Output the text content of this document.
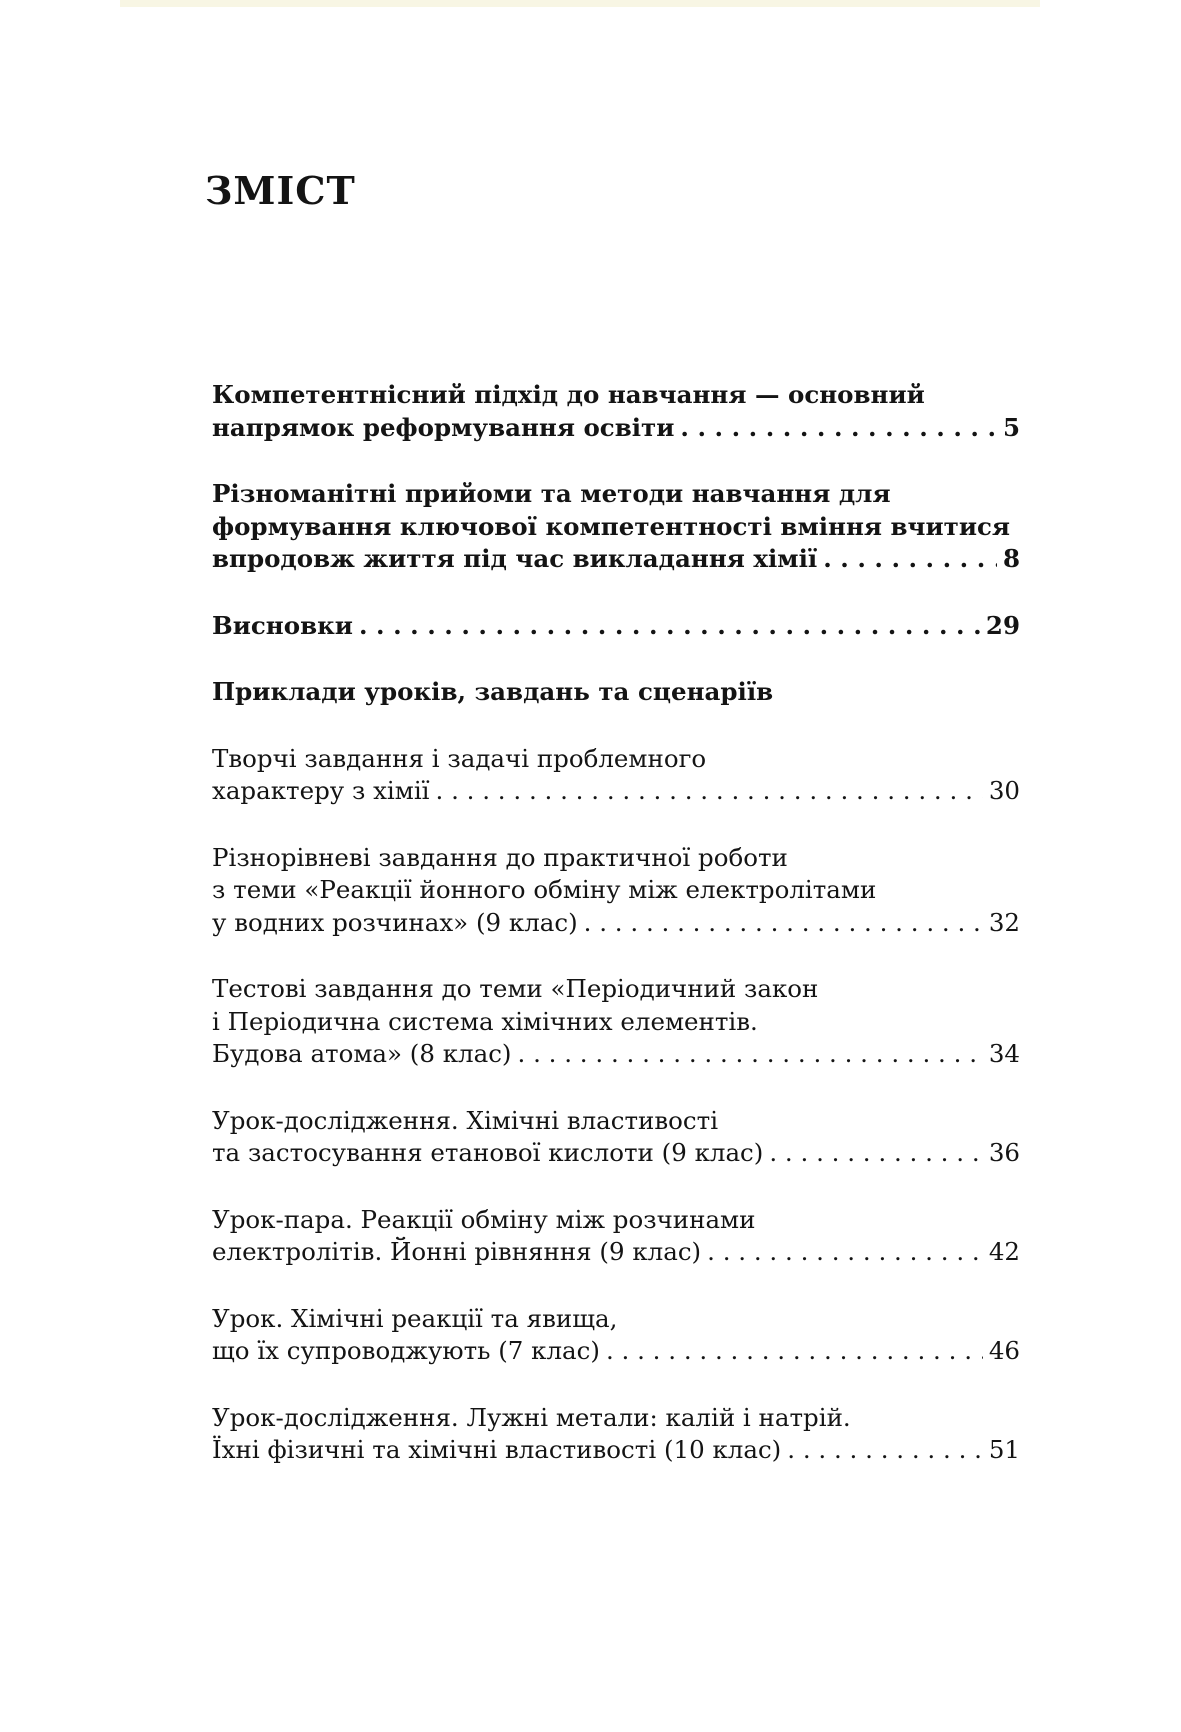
ЗМІСТ
Компетентнісний підхід до навчання — основний
напрямок реформування освіти . . .	5
Різноманітні прийоми та методи навчання для
формування ключової компетентності вміння вчитися
впродовж життя під час викладання хімії . . .	8
Висновки . . .	29
Приклади уроків, завдань та сценаріїв
Творчі завдання і задачі проблемного
характеру з хімії . . .	30
Різнорівневі завдання до практичної роботи
з теми «Реакції йонного обміну між електролітами
у водних розчинах» (9 клас) . . .	32
Тестові завдання до теми «Періодичний закон
і Періодична система хімічних елементів.
Будова атома» (8 клас) . . .	34
Урок-дослідження. Хімічні властивості
та застосування етанової кислоти (9 клас) . . .	36
Урок-пара. Реакції обміну між розчинами
електролітів. Йонні рівняння (9 клас) . . .	42
Урок. Хімічні реакції та явища,
що їх супроводжують (7 клас) . . .	46
Урок-дослідження. Лужні метали: калій і натрій.
Їхні фізичні та хімічні властивості (10 клас) . . .	51
